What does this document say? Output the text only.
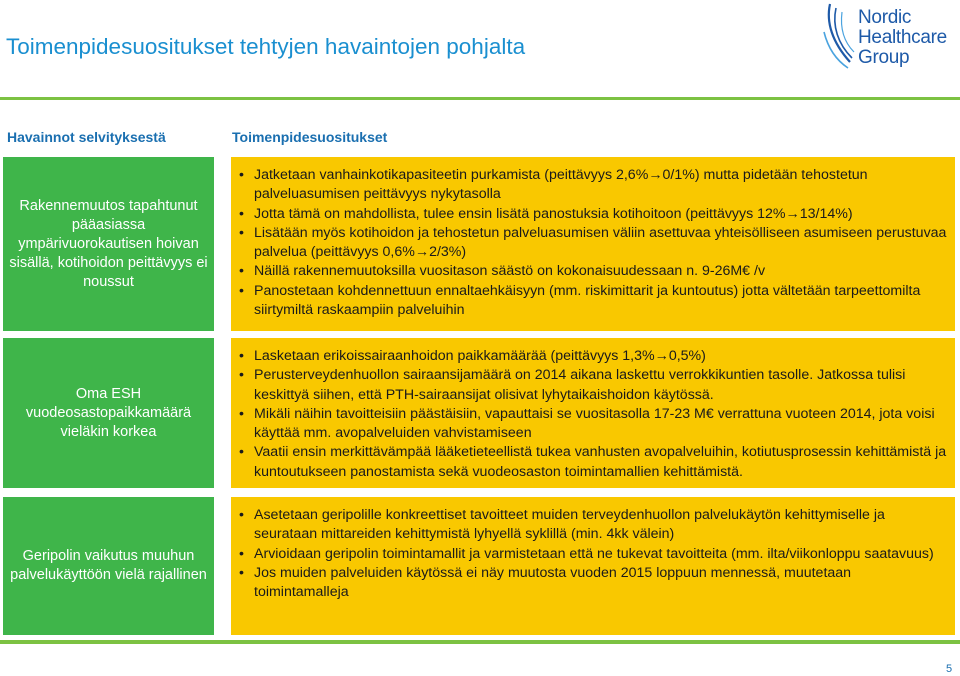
Toimenpidesuositukset tehtyjen havaintojen pohjalta
Nordic
Healthcare
Group
Havainnot selvityksestä	Toimenpidesuositukset
Rakennemuutos tapahtunut pääasiassa ympärivuorokautisen hoivan sisällä, kotihoidon peittävyys ei noussut
• Jatketaan vanhainkotikapasiteetin purkamista (peittävyys 2,6%→0/1%) mutta pidetään tehostetun palveluasumisen peittävyys nykytasolla
• Jotta tämä on mahdollista, tulee ensin lisätä panostuksia kotihoitoon (peittävyys 12%→13/14%)
• Lisätään myös kotihoidon ja tehostetun palveluasumisen väliin asettuvaa yhteisölliseen asumiseen perustuvaa palvelua (peittävyys 0,6%→2/3%)
• Näillä rakennemuutoksilla vuositason säästö on kokonaisuudessaan n. 9-26M€ /v
• Panostetaan kohdennettuun ennaltaehkäisyyn (mm. riskimittarit ja kuntoutus) jotta vältetään tarpeettomilta siirtymiltä raskaampiin palveluihin
Oma ESH vuodeosastopaikkamäärä vieläkin korkea
• Lasketaan erikoissairaanhoidon paikkamäärää (peittävyys 1,3%→0,5%)
• Perusterveydenhuollon sairaansijamäärä on 2014 aikana laskettu verrokkikuntien tasolle. Jatkossa tulisi keskittyä siihen, että PTH-sairaansijat olisivat lyhytaikaishoidon käytössä.
• Mikäli näihin tavoitteisiin päästäisiin, vapauttaisi se vuositasolla 17-23 M€ verrattuna vuoteen 2014, jota voisi käyttää mm. avopalveluiden vahvistamiseen
• Vaatii ensin merkittävämpää lääketieteellistä tukea vanhusten avopalveluihin, kotiutusprosessin kehittämistä ja kuntoutukseen panostamista sekä vuodeosaston toimintamallien kehittämistä.
Geripolin vaikutus muuhun palvelukäyttöön vielä rajallinen
• Asetetaan geripolille konkreettiset tavoitteet muiden terveydenhuollon palvelukäytön kehittymiselle ja seurataan mittareiden kehittymistä lyhyellä syklillä (min. 4kk välein)
• Arvioidaan geripolin toimintamallit ja varmistetaan että ne tukevat tavoitteita (mm. ilta/viikonloppu saatavuus)
• Jos muiden palveluiden käytössä ei näy muutosta vuoden 2015 loppuun mennessä, muutetaan toimintamalleja
5
